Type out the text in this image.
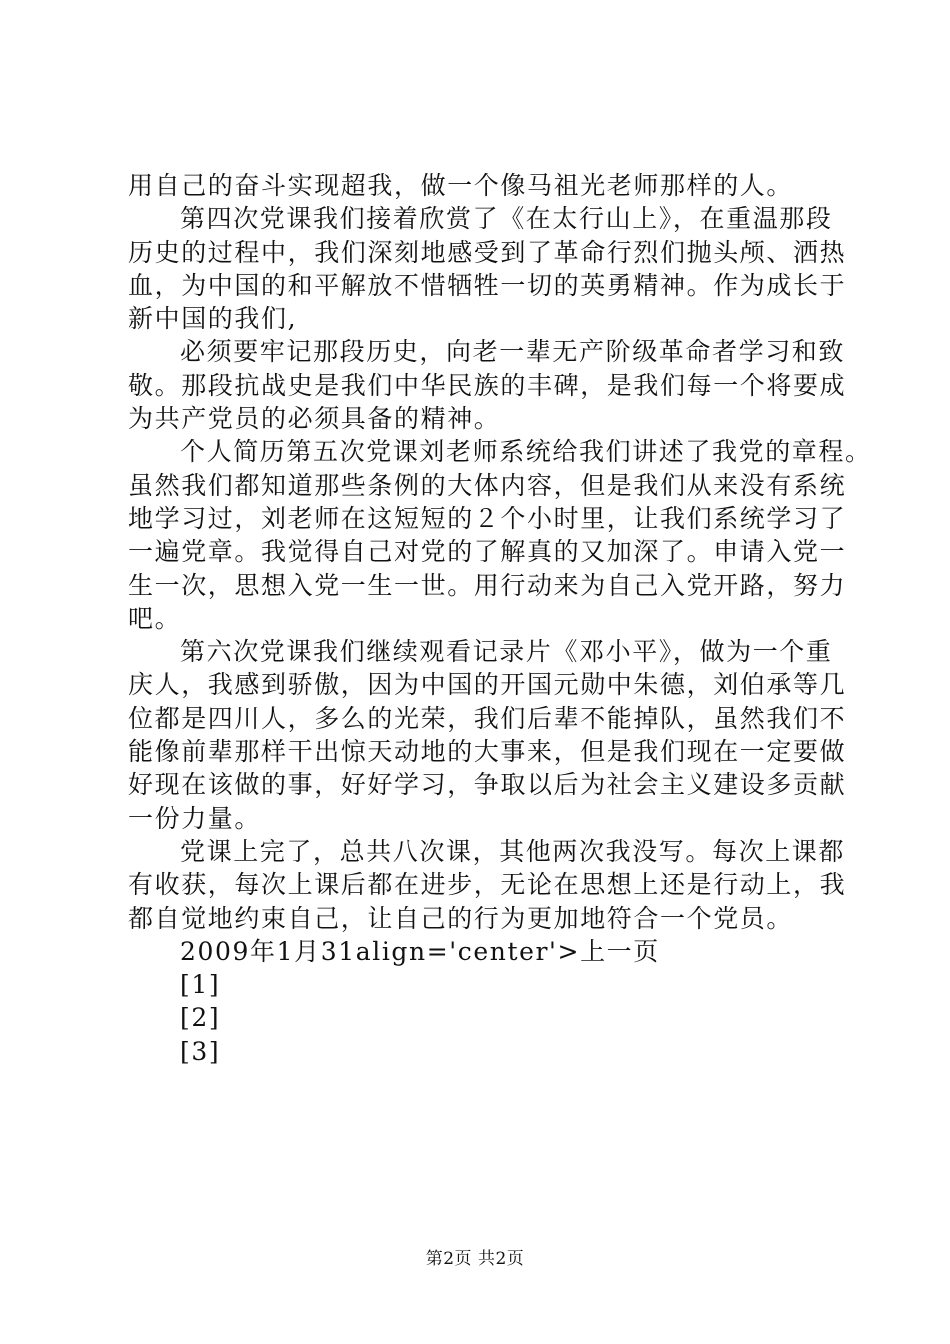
用自己的奋斗实现超我，做一个像马祖光老师那样的人。
第四次党课我们接着欣赏了《在太行山上》，在重温那段
历史的过程中，我们深刻地感受到了革命行烈们抛头颅、洒热
血，为中国的和平解放不惜牺牲一切的英勇精神。作为成长于
新中国的我们,
必须要牢记那段历史，向老一辈无产阶级革命者学习和致
敬。那段抗战史是我们中华民族的丰碑，是我们每一个将要成
为共产党员的必须具备的精神。
个人简历第五次党课刘老师系统给我们讲述了我党的章程。
虽然我们都知道那些条例的大体内容，但是我们从来没有系统
地学习过，刘老师在这短短的２个小时里，让我们系统学习了
一遍党章。我觉得自己对党的了解真的又加深了。申请入党一
生一次，思想入党一生一世。用行动来为自己入党开路，努力
吧。
第六次党课我们继续观看记录片《邓小平》，做为一个重
庆人，我感到骄傲，因为中国的开国元勋中朱德，刘伯承等几
位都是四川人，多么的光荣，我们后辈不能掉队，虽然我们不
能像前辈那样干出惊天动地的大事来，但是我们现在一定要做
好现在该做的事，好好学习，争取以后为社会主义建设多贡献
一份力量。
党课上完了，总共八次课，其他两次我没写。每次上课都
有收获，每次上课后都在进步，无论在思想上还是行动上，我
都自觉地约束自己，让自己的行为更加地符合一个党员。
2009年1月31align='center'>上一页
[1]
[2]
[3]
第2页 共2页
